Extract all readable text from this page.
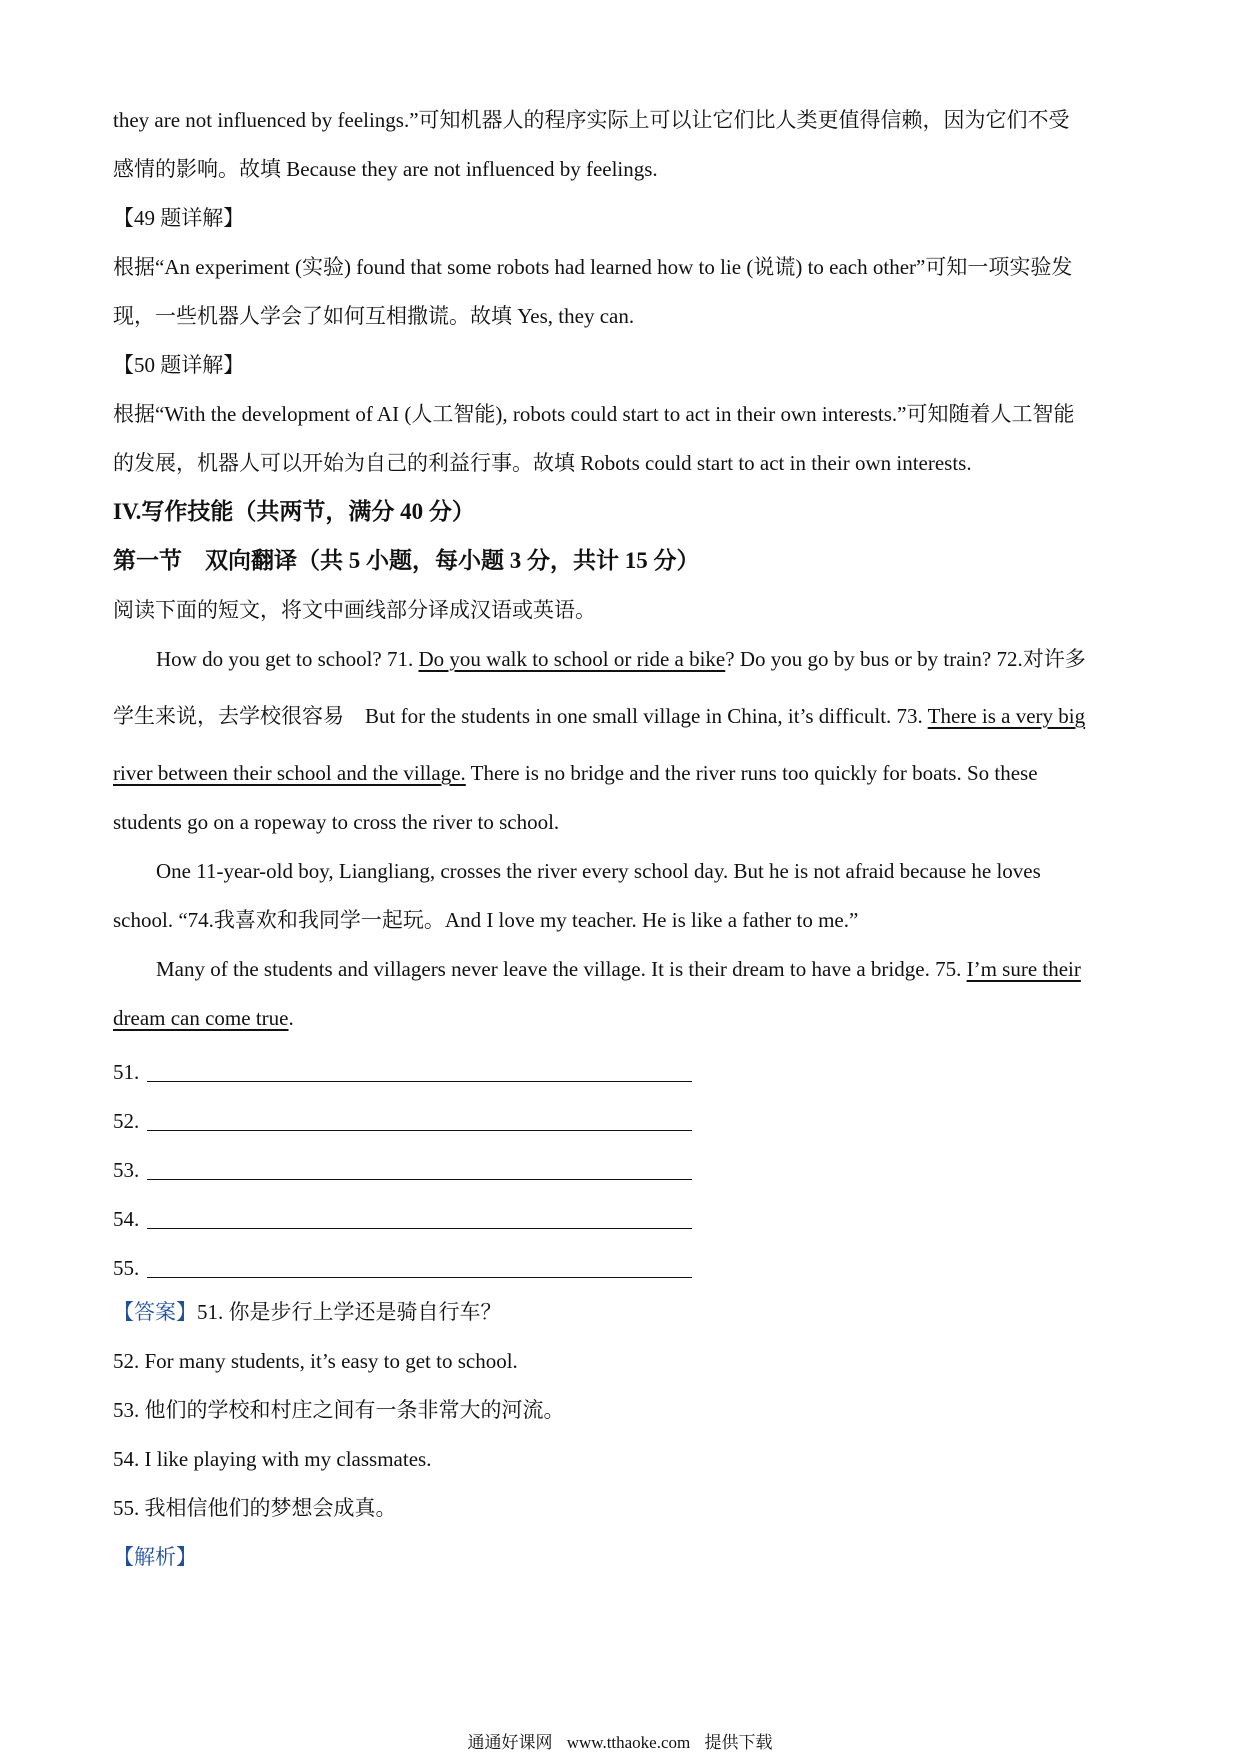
they are not influenced by feelings.”可知机器人的程序实际上可以让它们比人类更值得信赖，因为它们不受
感情的影响。故填 Because they are not influenced by feelings.
【49 题详解】
根据“An experiment (实验) found that some robots had learned how to lie (说谎) to each other”可知一项实验发
现，一些机器人学会了如何互相撒谎。故填 Yes, they can.
【50 题详解】
根据“With the development of AI (人工智能), robots could start to act in their own interests.”可知随着人工智能
的发展，机器人可以开始为自己的利益行事。故填 Robots could start to act in their own interests.
IV.写作技能（共两节，满分 40 分）
第一节　双向翻译（共 5 小题，每小题 3 分，共计 15 分）
阅读下面的短文，将文中画线部分译成汉语或英语。
How do you get to school? 71. Do you walk to school or ride a bike? Do you go by bus or by train? 72.对许多
学生来说，去学校很容易　But for the students in one small village in China, it’s difficult. 73. There is a very big
river between their school and the village. There is no bridge and the river runs too quickly for boats. So these
students go on a ropeway to cross the river to school.
One 11-year-old boy, Liangliang, crosses the river every school day. But he is not afraid because he loves
school. “74.我喜欢和我同学一起玩。And I love my teacher. He is like a father to me.”
Many of the students and villagers never leave the village. It is their dream to have a bridge. 75. I’m sure their
dream can come true.
51.
52.
53.
54.
55.
【答案】51. 你是步行上学还是骑自行车？
52. For many students, it’s easy to get to school.
53. 他们的学校和村庄之间有一条非常大的河流。
54. I like playing with my classmates.
55. 我相信他们的梦想会成真。
【解析】
通通好课网 www.tthaoke.com 提供下载
